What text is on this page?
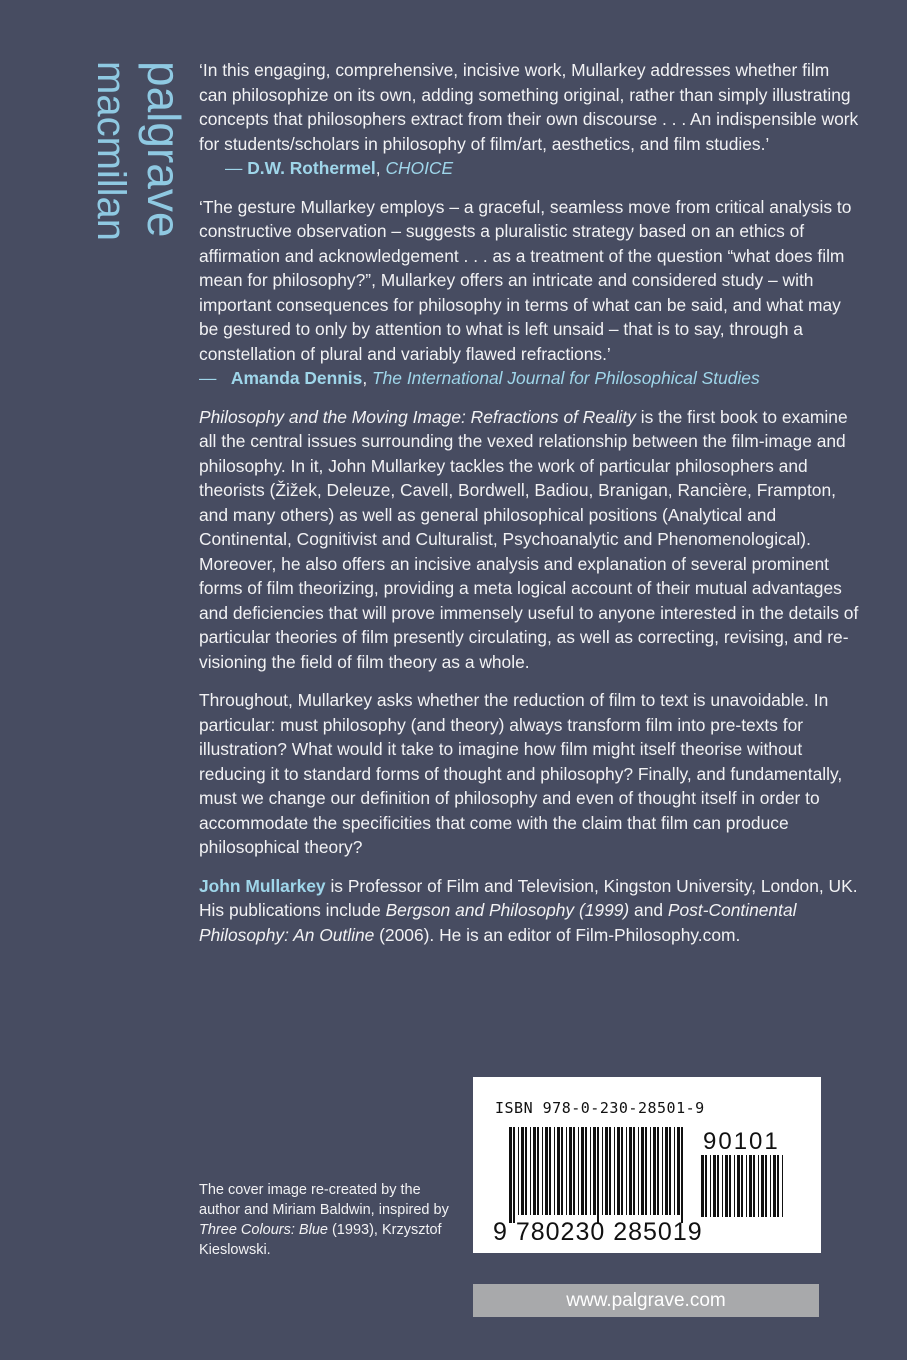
palgrave
macmillan	‘In this engaging, comprehensive, incisive work, Mullarkey addresses whether film can philosophize on its own, adding something original, rather than simply illustrating concepts that philosophers extract from their own discourse . . . An indispensible work for students/scholars in philosophy of film/art, aesthetics, and film studies.’

— D.W. Rothermel, CHOICE

‘The gesture Mullarkey employs – a graceful, seamless move from critical analysis to constructive observation – suggests a pluralistic strategy based on an ethics of affirmation and acknowledgement . . . as a treatment of the question “what does film mean for philosophy?”, Mullarkey offers an intricate and considered study – with important consequences for philosophy in terms of what can be said, and what may be gestured to only by attention to what is left unsaid – that is to say, through a constellation of plural and variably flawed refractions.’

— Amanda Dennis, The International Journal for Philosophical Studies

Philosophy and the Moving Image: Refractions of Reality is the first book to examine all the central issues surrounding the vexed relationship between the film-image and philosophy. In it, John Mullarkey tackles the work of particular philosophers and theorists (Žižek, Deleuze, Cavell, Bordwell, Badiou, Branigan, Rancière, Frampton, and many others) as well as general philosophical positions (Analytical and Continental, Cognitivist and Culturalist, Psychoanalytic and Phenomenological). Moreover, he also offers an incisive analysis and explanation of several prominent forms of film theorizing, providing a meta logical account of their mutual advantages and deficiencies that will prove immensely useful to anyone interested in the details of particular theories of film presently circulating, as well as correcting, revising, and re-visioning the field of film theory as a whole.

Throughout, Mullarkey asks whether the reduction of film to text is unavoidable. In particular: must philosophy (and theory) always transform film into pre-texts for illustration? What would it take to imagine how film might itself theorise without reducing it to standard forms of thought and philosophy? Finally, and fundamentally, must we change our definition of philosophy and even of thought itself in order to accommodate the specificities that come with the claim that film can produce philosophical theory?

John Mullarkey is Professor of Film and Television, Kingston University, London, UK. His publications include Bergson and Philosophy (1999) and Post-Continental Philosophy: An Outline (2006). He is an editor of Film-Philosophy.com.

The cover image re-created by the author and Miriam Baldwin, inspired by Three Colours: Blue (1993), Krzysztof Kieslowski.
ISBN 978-0-230-28501-9
9 780230 285019
90101
www.palgrave.com
